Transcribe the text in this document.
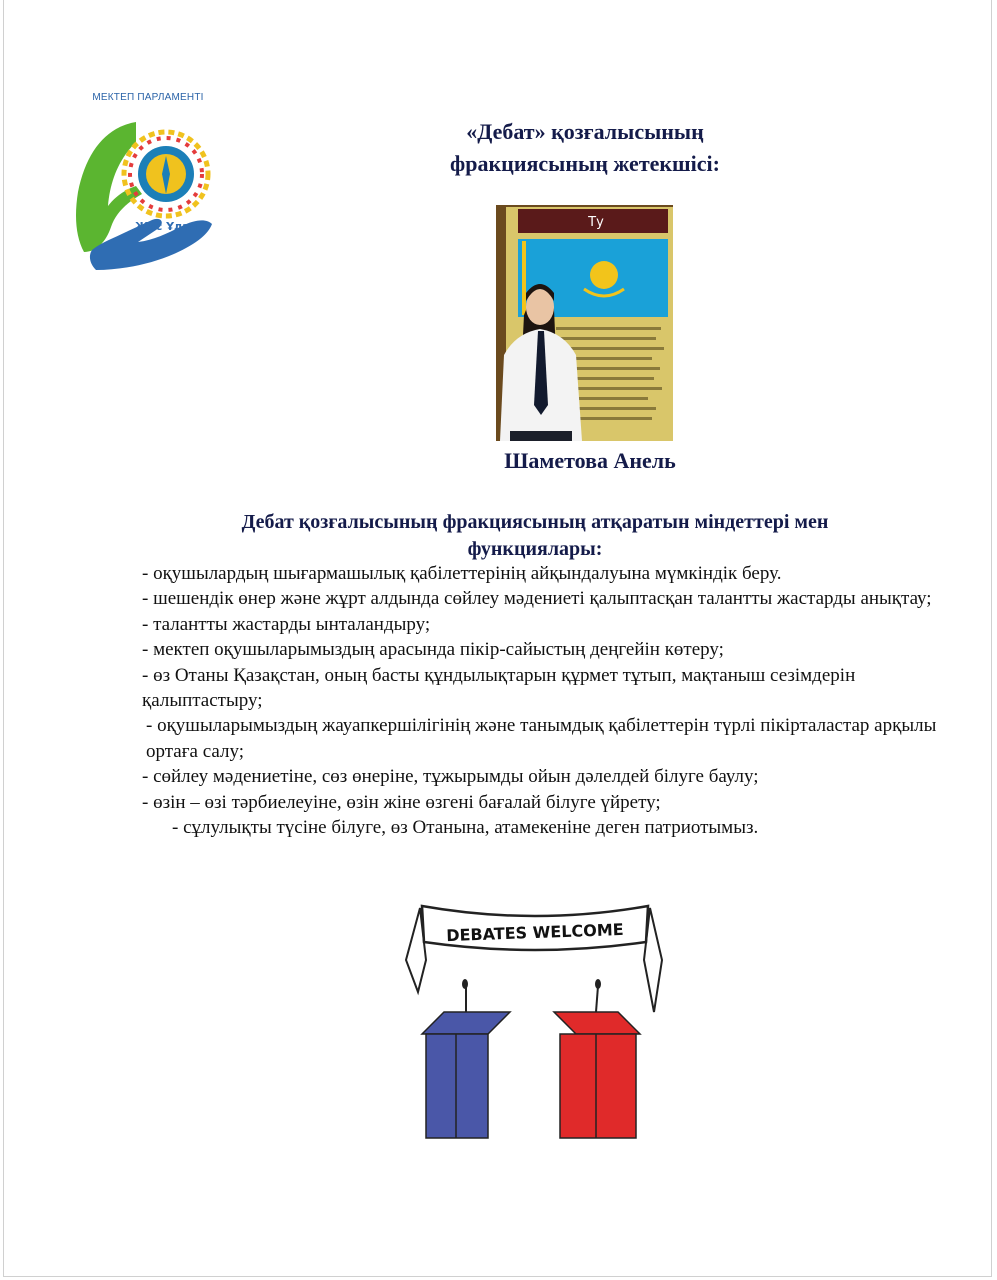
МЕКТЕП ПАРЛАМЕНТІ
Жас Ұлан
«Дебат» қозғалысының
фракциясының жетекшісі:
Ту
Шаметова Анель
Дебат қозғалысының фракциясының атқаратын міндеттері мен
функциялары:

- оқушылардың шығармашылық қабілеттерінің айқындалуына мүмкіндік беру.

- шешендік өнер және жұрт алдында сөйлеу мәдениеті қалыптасқан талантты жастарды анықтау;

- талантты жастарды ынталандыру;

- мектеп оқушыларымыздың арасында пікір-сайыстың деңгейін көтеру;

- өз Отаны Қазақстан, оның басты құндылықтарын құрмет тұтып, мақтаныш сезімдерін қалыптастыру;

- оқушыларымыздың жауапкершілігінің және танымдық қабілеттерін түрлі пікірталастар арқылы ортаға салу;

- сөйлеу мәдениетіне, сөз өнеріне, тұжырымды ойын дәлелдей білуге баулу;

- өзін – өзі тәрбиелеуіне, өзін жіне өзгені бағалай білуге үйрету;

- сұлулықты түсіне білуге, өз Отанына, атамекеніне деген патриотымыз.

DEBATES WELCOME
